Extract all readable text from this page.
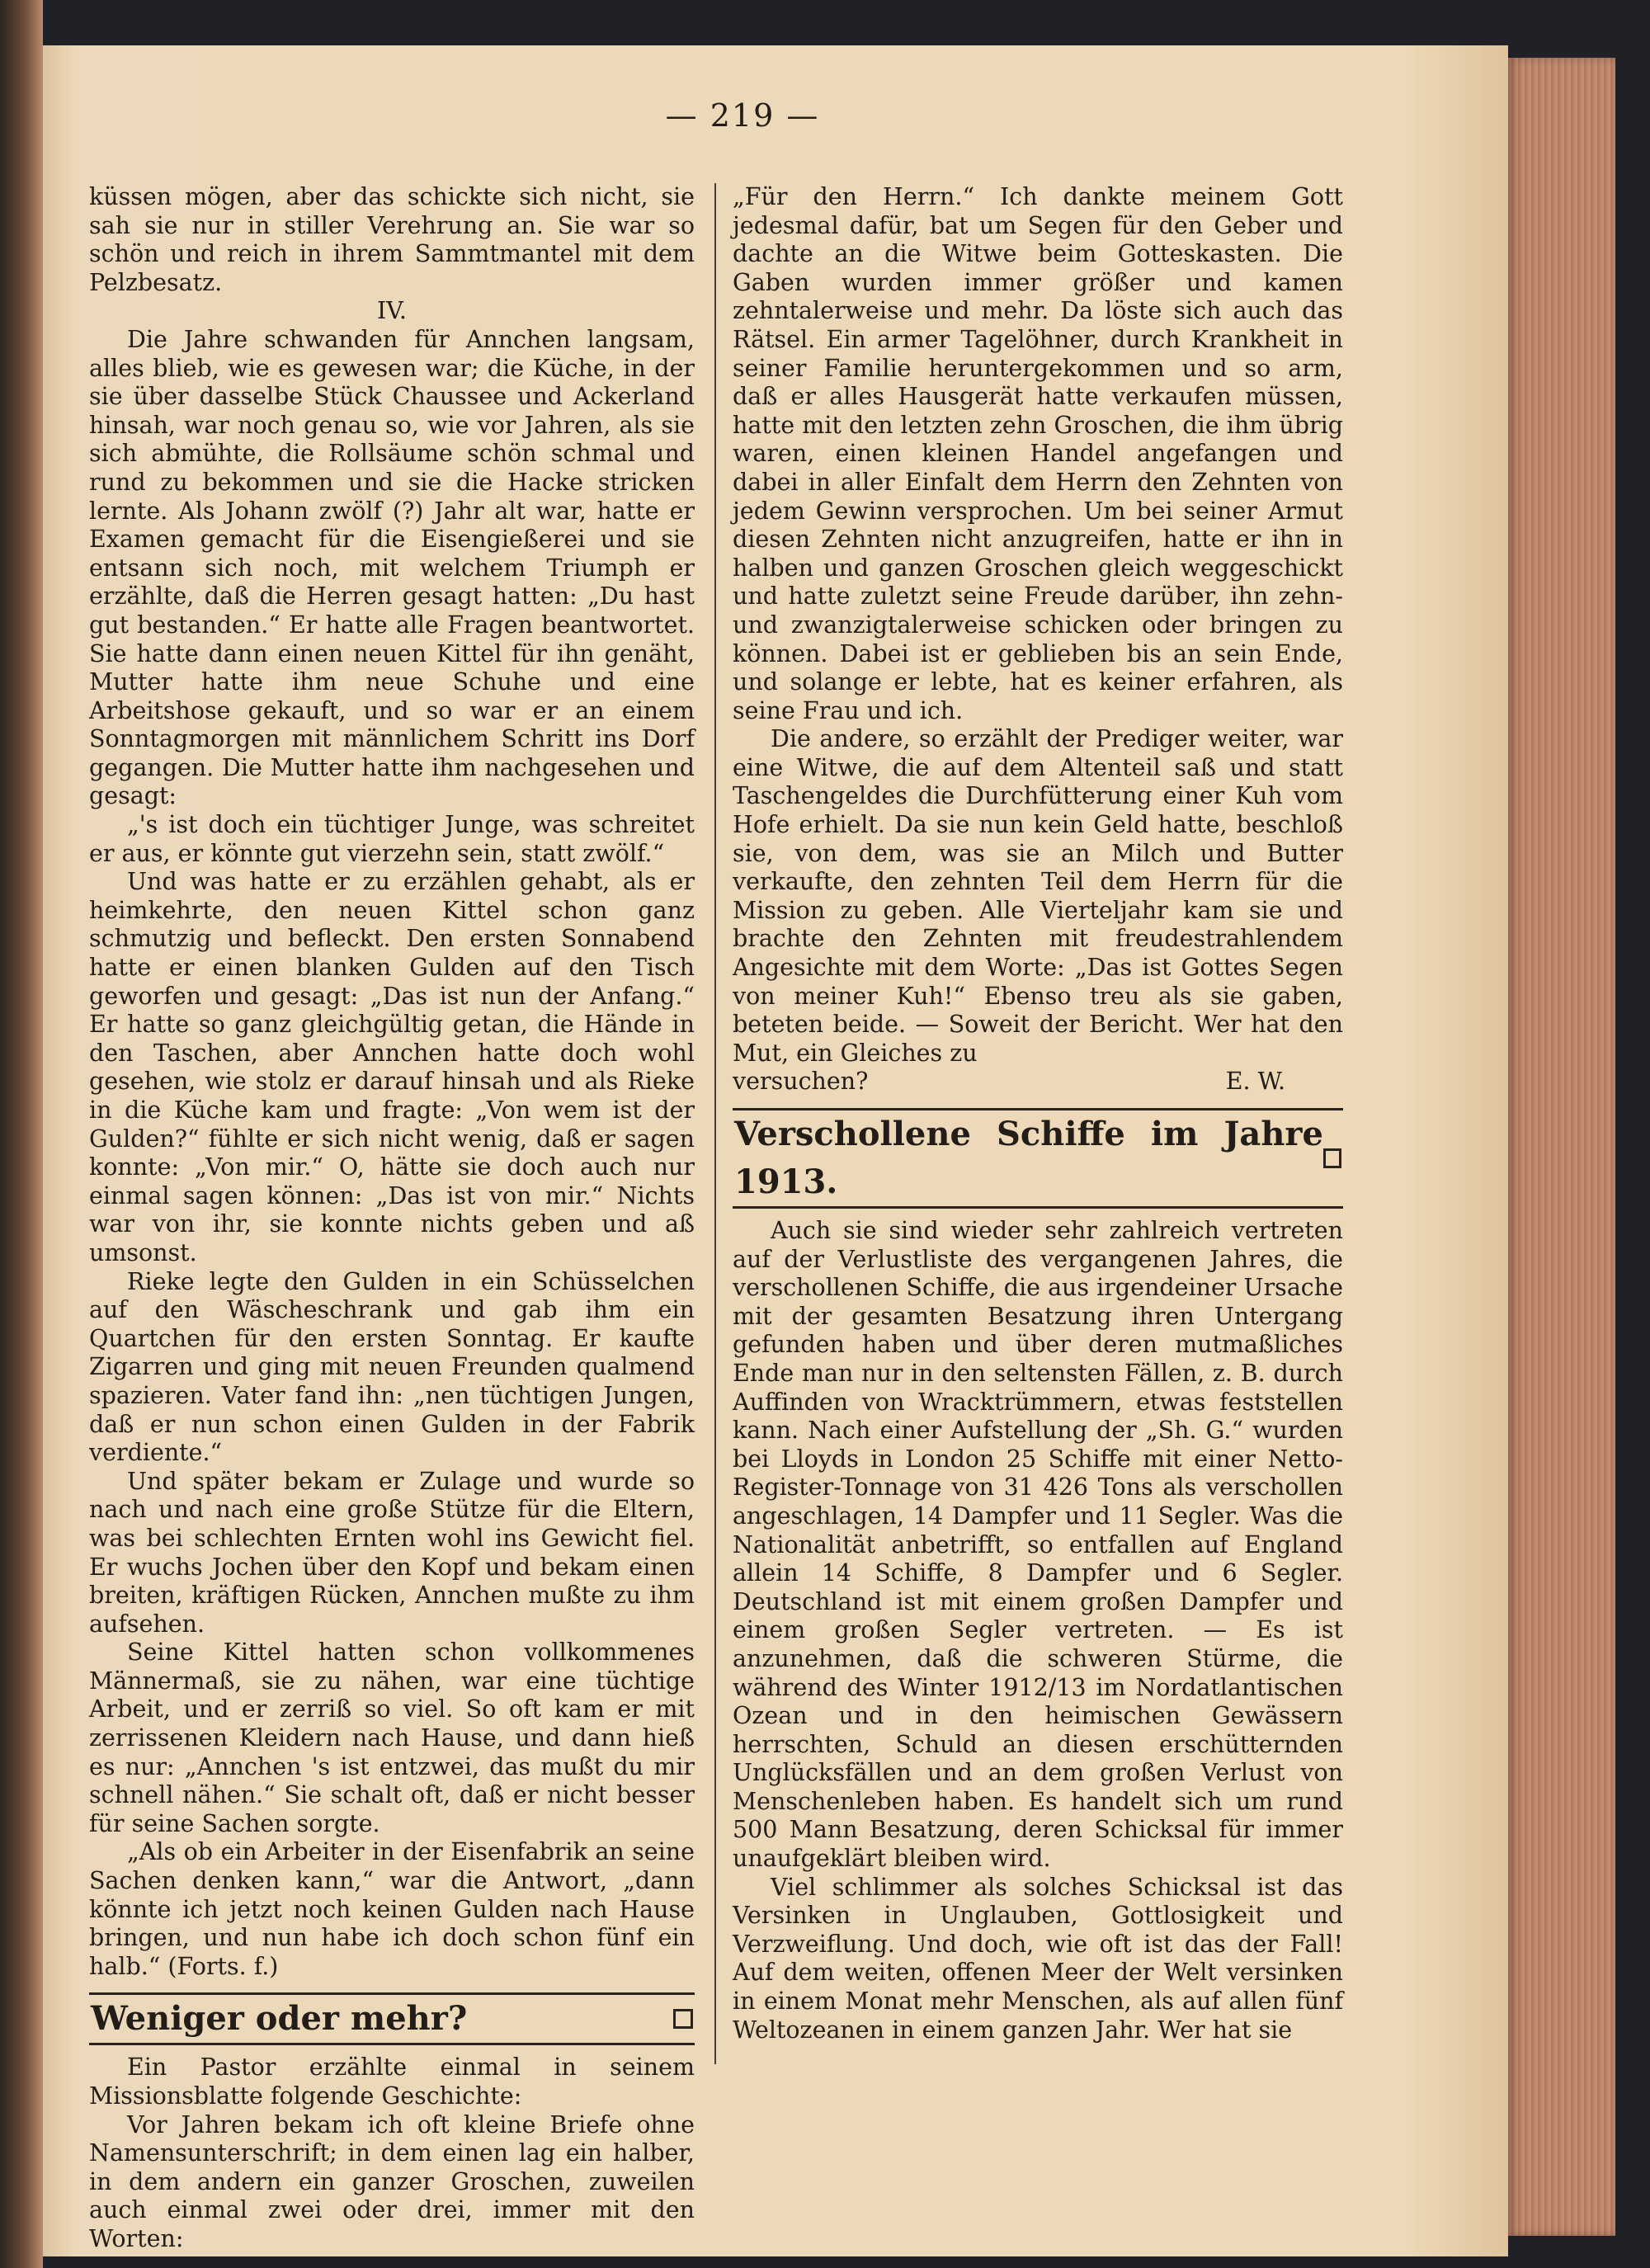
— 219 —

küssen mögen, aber das schickte sich nicht, sie sah sie nur in stiller Verehrung an. Sie war so schön und reich in ihrem Sammtmantel mit dem Pelzbesatz.

IV.

Die Jahre schwanden für Annchen langsam, alles blieb, wie es gewesen war; die Küche, in der sie über dasselbe Stück Chaussee und Ackerland hinsah, war noch genau so, wie vor Jahren, als sie sich abmühte, die Rollsäume schön schmal und rund zu bekommen und sie die Hacke stricken lernte. Als Johann zwölf (?) Jahr alt war, hatte er Examen gemacht für die Eisengießerei und sie entsann sich noch, mit welchem Triumph er erzählte, daß die Herren gesagt hatten: „Du hast gut bestanden.“ Er hatte alle Fragen beantwortet. Sie hatte dann einen neuen Kittel für ihn genäht, Mutter hatte ihm neue Schuhe und eine Arbeitshose gekauft, und so war er an einem Sonntagmorgen mit männlichem Schritt ins Dorf gegangen. Die Mutter hatte ihm nachgesehen und gesagt:

„'s ist doch ein tüchtiger Junge, was schreitet er aus, er könnte gut vierzehn sein, statt zwölf.“

Und was hatte er zu erzählen gehabt, als er heimkehrte, den neuen Kittel schon ganz schmutzig und befleckt. Den ersten Sonnabend hatte er einen blanken Gulden auf den Tisch geworfen und gesagt: „Das ist nun der Anfang.“ Er hatte so ganz gleichgültig getan, die Hände in den Taschen, aber Annchen hatte doch wohl gesehen, wie stolz er darauf hinsah und als Rieke in die Küche kam und fragte: „Von wem ist der Gulden?“ fühlte er sich nicht wenig, daß er sagen konnte: „Von mir.“ O, hätte sie doch auch nur einmal sagen können: „Das ist von mir.“ Nichts war von ihr, sie konnte nichts geben und aß umsonst.

Rieke legte den Gulden in ein Schüsselchen auf den Wäscheschrank und gab ihm ein Quartchen für den ersten Sonntag. Er kaufte Zigarren und ging mit neuen Freunden qualmend spazieren. Vater fand ihn: „nen tüchtigen Jungen, daß er nun schon einen Gulden in der Fabrik verdiente.“

Und später bekam er Zulage und wurde so nach und nach eine große Stütze für die Eltern, was bei schlechten Ernten wohl ins Gewicht fiel. Er wuchs Jochen über den Kopf und bekam einen breiten, kräftigen Rücken, Annchen mußte zu ihm aufsehen.

Seine Kittel hatten schon vollkommenes Männermaß, sie zu nähen, war eine tüchtige Arbeit, und er zerriß so viel. So oft kam er mit zerrissenen Kleidern nach Hause, und dann hieß es nur: „Annchen 's ist entzwei, das mußt du mir schnell nähen.“ Sie schalt oft, daß er nicht besser für seine Sachen sorgte.

„Als ob ein Arbeiter in der Eisenfabrik an seine Sachen denken kann,“ war die Antwort, „dann könnte ich jetzt noch keinen Gulden nach Hause bringen, und nun habe ich doch schon fünf ein halb.“ (Forts. f.)

Weniger oder mehr?

Ein Pastor erzählte einmal in seinem Missionsblatte folgende Geschichte:

Vor Jahren bekam ich oft kleine Briefe ohne Namensunterschrift; in dem einen lag ein halber, in dem andern ein ganzer Groschen, zuweilen auch einmal zwei oder drei, immer mit den Worten:

„Für den Herrn.“ Ich dankte meinem Gott jedesmal dafür, bat um Segen für den Geber und dachte an die Witwe beim Gotteskasten. Die Gaben wurden immer größer und kamen zehntalerweise und mehr. Da löste sich auch das Rätsel. Ein armer Tagelöhner, durch Krankheit in seiner Familie heruntergekommen und so arm, daß er alles Hausgerät hatte verkaufen müssen, hatte mit den letzten zehn Groschen, die ihm übrig waren, einen kleinen Handel angefangen und dabei in aller Einfalt dem Herrn den Zehnten von jedem Gewinn versprochen. Um bei seiner Armut diesen Zehnten nicht anzugreifen, hatte er ihn in halben und ganzen Groschen gleich weggeschickt und hatte zuletzt seine Freude darüber, ihn zehn- und zwanzigtalerweise schicken oder bringen zu können. Dabei ist er geblieben bis an sein Ende, und solange er lebte, hat es keiner erfahren, als seine Frau und ich.

Die andere, so erzählt der Prediger weiter, war eine Witwe, die auf dem Altenteil saß und statt Taschengeldes die Durchfütterung einer Kuh vom Hofe erhielt. Da sie nun kein Geld hatte, beschloß sie, von dem, was sie an Milch und Butter verkaufte, den zehnten Teil dem Herrn für die Mission zu geben. Alle Vierteljahr kam sie und brachte den Zehnten mit freudestrahlendem Angesichte mit dem Worte: „Das ist Gottes Segen von meiner Kuh!“ Ebenso treu als sie gaben, beteten beide. — Soweit der Bericht. Wer hat den Mut, ein Gleiches zu

versuchen?	E. W.
Verschollene Schiffe im Jahre 1913.

Auch sie sind wieder sehr zahlreich vertreten auf der Verlustliste des vergangenen Jahres, die verschollenen Schiffe, die aus irgendeiner Ursache mit der gesamten Besatzung ihren Untergang gefunden haben und über deren mutmaßliches Ende man nur in den seltensten Fällen, z. B. durch Auffinden von Wracktrümmern, etwas feststellen kann. Nach einer Aufstellung der „Sh. G.“ wurden bei Lloyds in London 25 Schiffe mit einer Netto-Register-Tonnage von 31 426 Tons als verschollen angeschlagen, 14 Dampfer und 11 Segler. Was die Nationalität anbetrifft, so entfallen auf England allein 14 Schiffe, 8 Dampfer und 6 Segler. Deutschland ist mit einem großen Dampfer und einem großen Segler vertreten. — Es ist anzunehmen, daß die schweren Stürme, die während des Winter 1912/13 im Nordatlantischen Ozean und in den heimischen Gewässern herrschten, Schuld an diesen erschütternden Unglücksfällen und an dem großen Verlust von Menschenleben haben. Es handelt sich um rund 500 Mann Besatzung, deren Schicksal für immer unaufgeklärt bleiben wird.

Viel schlimmer als solches Schicksal ist das Versinken in Unglauben, Gottlosigkeit und Verzweiflung. Und doch, wie oft ist das der Fall! Auf dem weiten, offenen Meer der Welt versinken in einem Monat mehr Menschen, als auf allen fünf Weltozeanen in einem ganzen Jahr. Wer hat sie
